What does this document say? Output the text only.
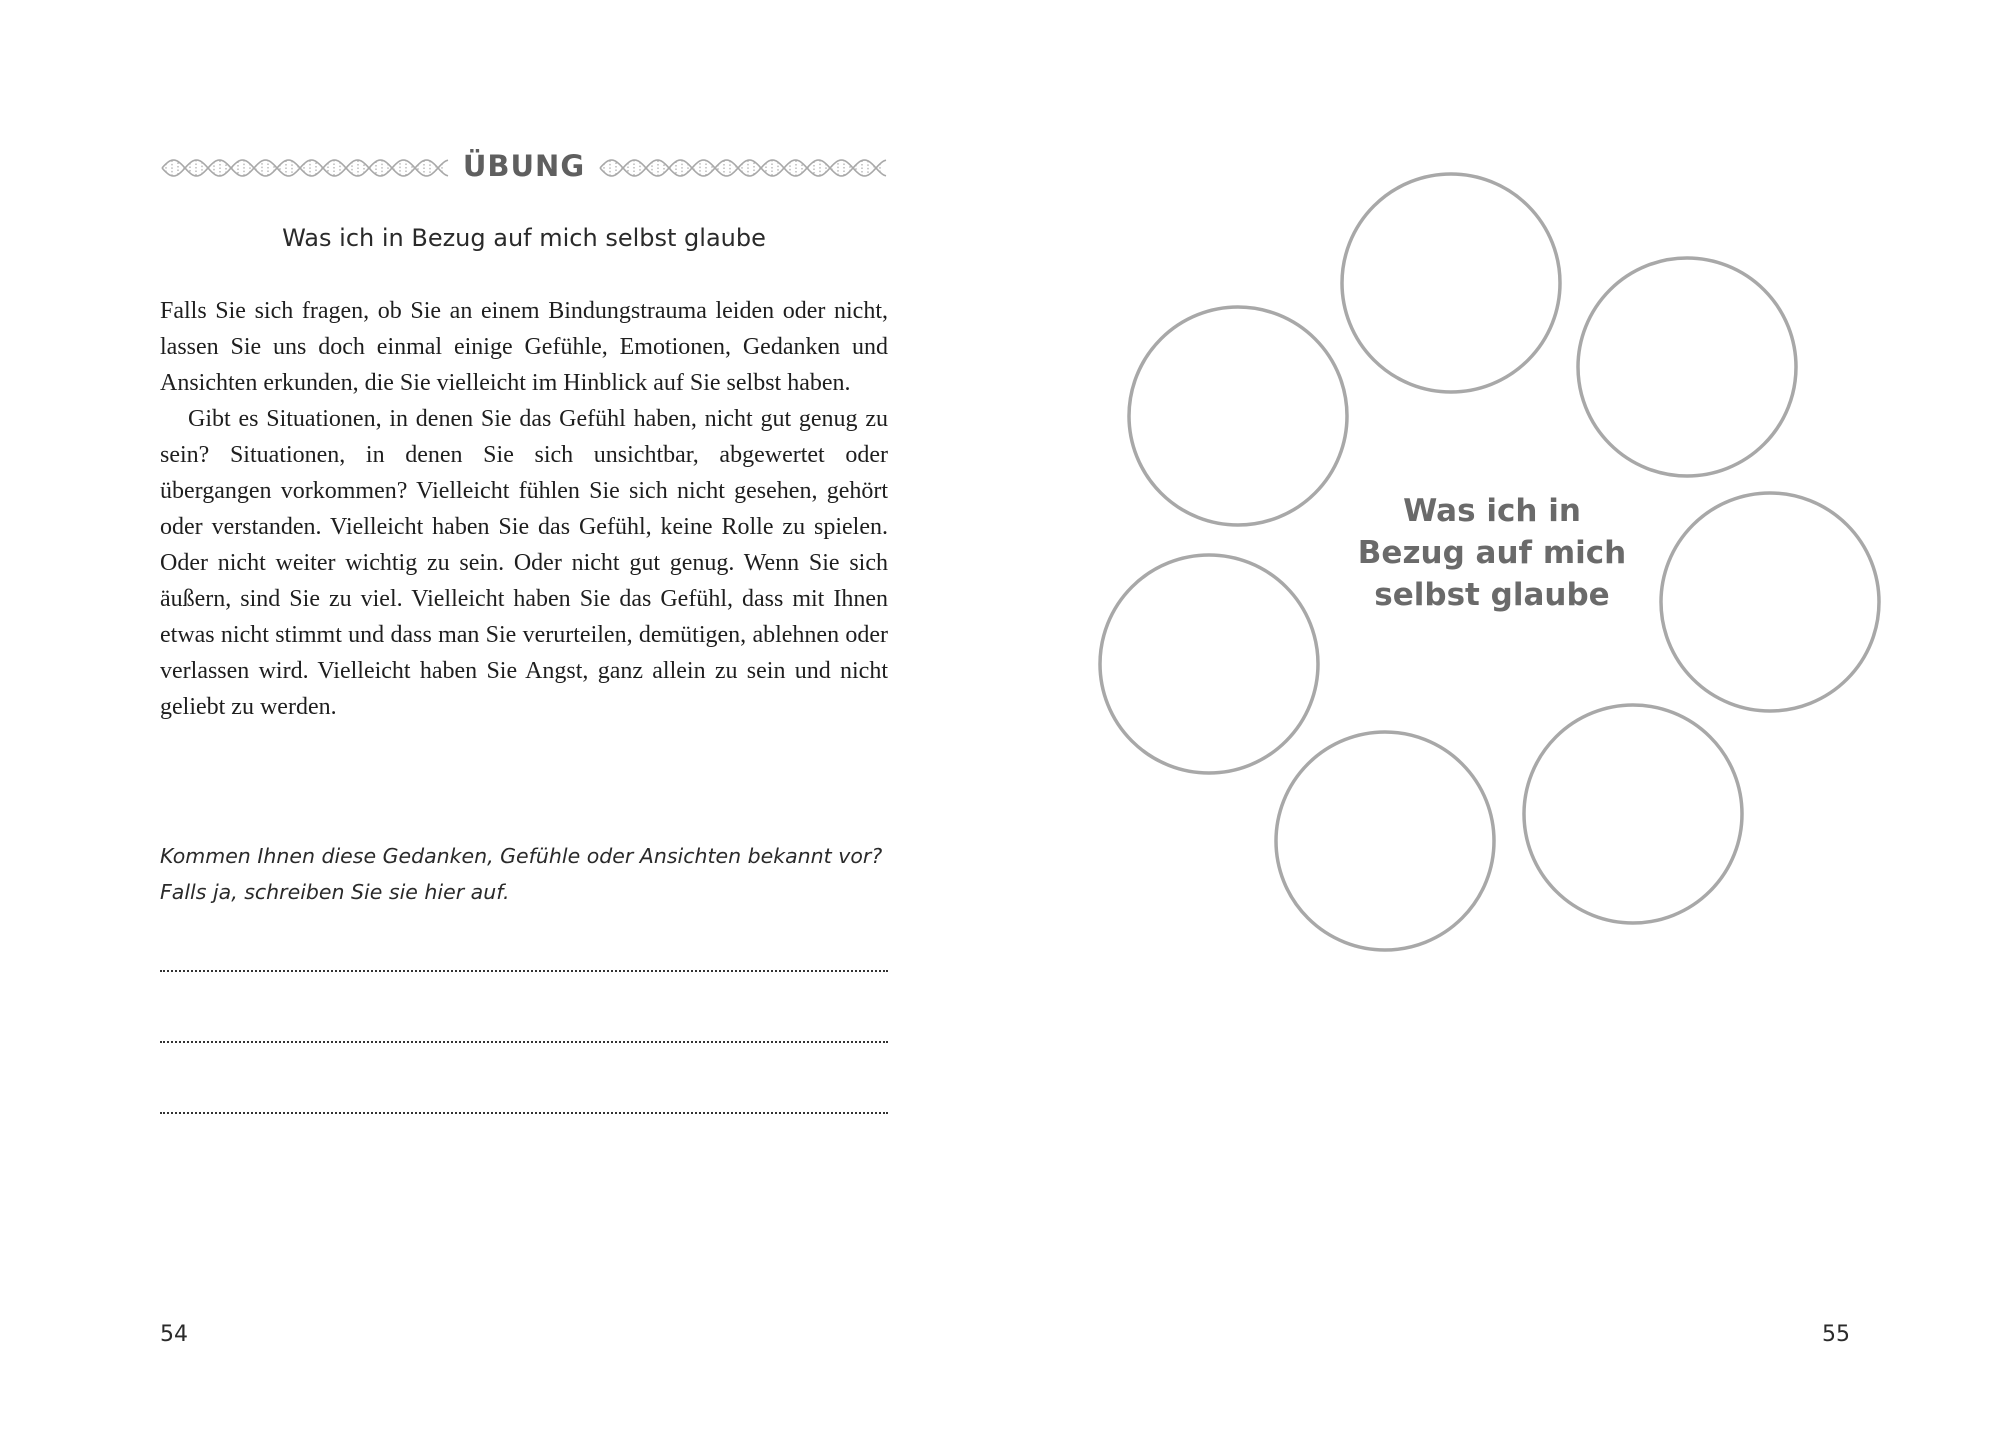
ÜBUNG
Was ich in Bezug auf mich selbst glaube

Falls Sie sich fragen, ob Sie an einem Bindungstrauma leiden oder nicht, lassen Sie uns doch einmal einige Gefühle, Emotionen, Gedanken und Ansichten erkunden, die Sie vielleicht im Hinblick auf Sie selbst haben.

Gibt es Situationen, in denen Sie das Gefühl haben, nicht gut genug zu sein? Situationen, in denen Sie sich unsichtbar, abgewertet oder übergangen vorkommen? Vielleicht fühlen Sie sich nicht gesehen, gehört oder verstanden. Vielleicht haben Sie das Gefühl, keine Rolle zu spielen. Oder nicht weiter wichtig zu sein. Oder nicht gut genug. Wenn Sie sich äußern, sind Sie zu viel. Vielleicht haben Sie das Gefühl, dass mit Ihnen etwas nicht stimmt und dass man Sie verurteilen, demütigen, ablehnen oder verlassen wird. Vielleicht haben Sie Angst, ganz allein zu sein und nicht geliebt zu werden.

Kommen Ihnen diese Gedanken, Gefühle oder Ansichten bekannt vor?

Falls ja, schreiben Sie sie hier auf.

54
Was ich in
Bezug auf mich
selbst glaube
55
